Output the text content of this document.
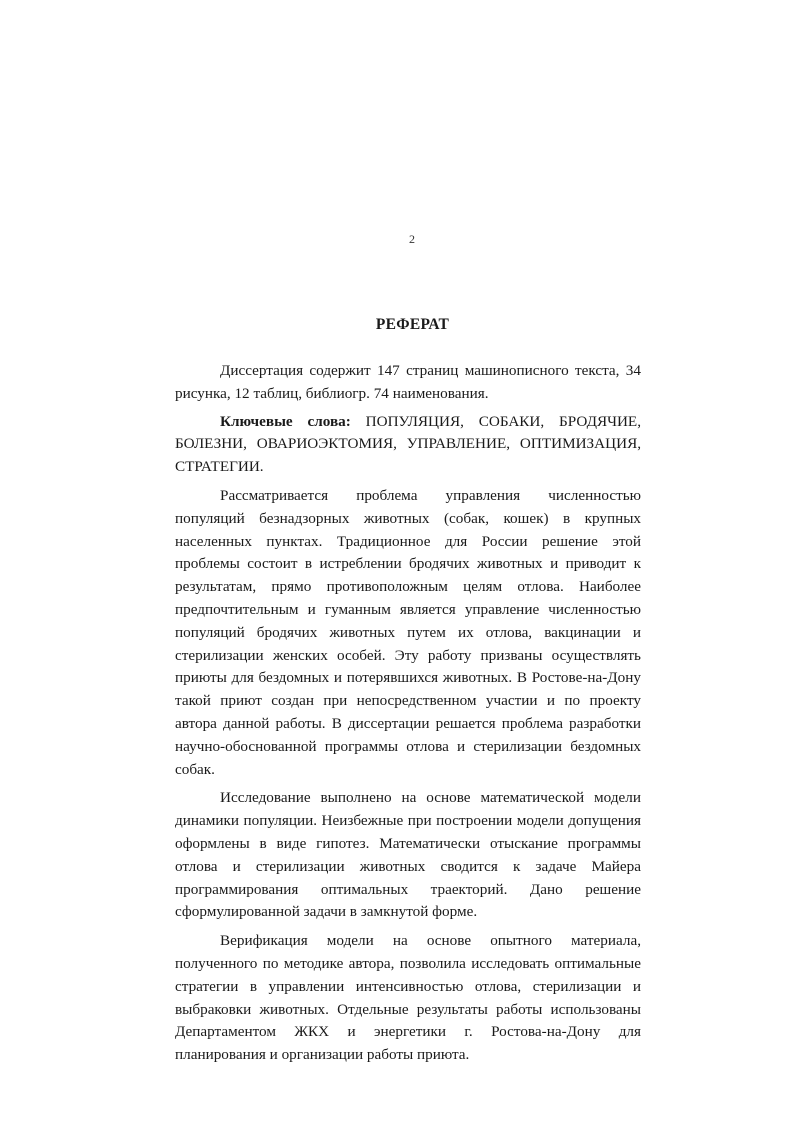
2
РЕФЕРАТ

Диссертация содержит 147 страниц машинописного текста, 34 рисунка, 12 таблиц, библиогр. 74 наименования.

Ключевые слова: ПОПУЛЯЦИЯ, СОБАКИ, БРОДЯЧИЕ, БОЛЕЗНИ, ОВАРИОЭКТОМИЯ, УПРАВЛЕНИЕ, ОПТИМИЗАЦИЯ, СТРАТЕГИИ.

Рассматривается проблема управления численностью популяций безнадзорных животных (собак, кошек) в крупных населенных пунктах. Традиционное для России решение этой проблемы состоит в истреблении бродячих животных и приводит к результатам, прямо противоположным целям отлова. Наиболее предпочтительным и гуманным является управление численностью популяций бродячих животных путем их отлова, вакцинации и стерилизации женских особей. Эту работу призваны осуществлять приюты для бездомных и потерявшихся животных. В Ростове-на-Дону такой приют создан при непосредственном участии и по проекту автора данной работы. В диссертации решается проблема разработки научно-обоснованной программы отлова и стерилизации бездомных собак.

Исследование выполнено на основе математической модели динамики популяции. Неизбежные при построении модели допущения оформлены в виде гипотез. Математически отыскание программы отлова и стерилизации животных сводится к задаче Майера программирования оптимальных траекторий. Дано решение сформулированной задачи в замкнутой форме.

Верификация модели на основе опытного материала, полученного по методике автора, позволила исследовать оптимальные стратегии в управлении интенсивностью отлова, стерилизации и выбраковки животных. Отдельные результаты работы использованы Департаментом ЖКХ и энергетики г. Ростова-на-Дону для планирования и организации работы приюта.
